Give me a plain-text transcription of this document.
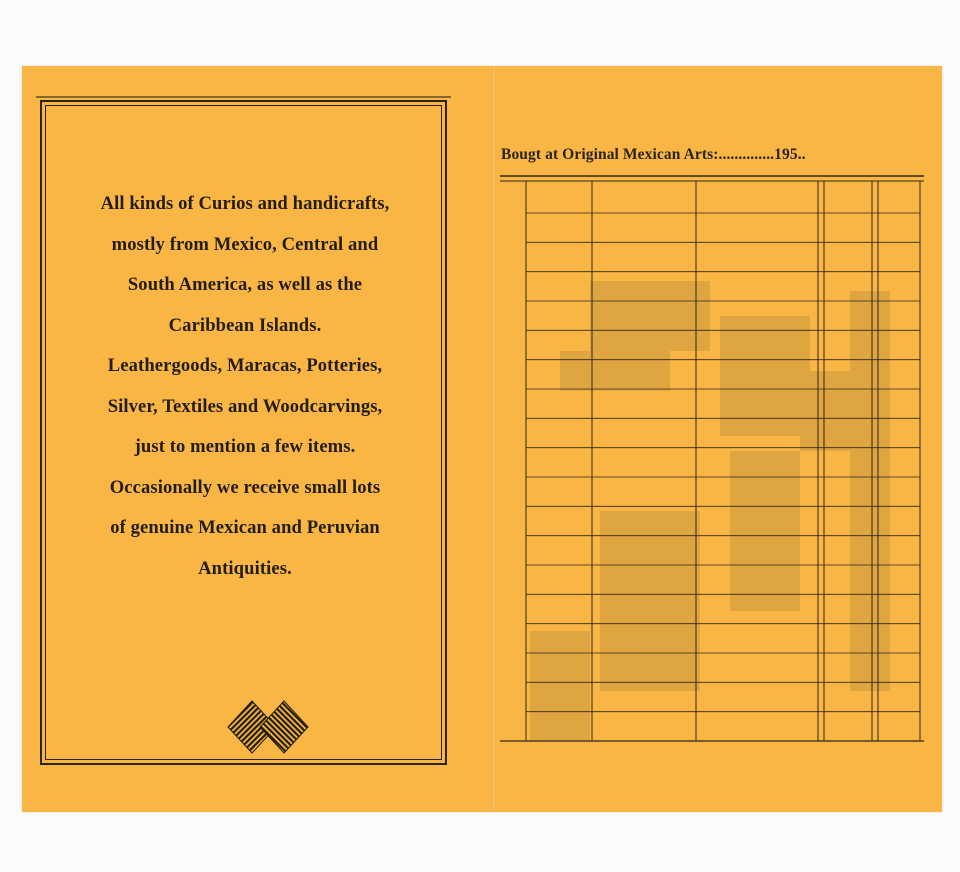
All kinds of Curios and handicrafts,
mostly from Mexico, Central and
South America, as well as the
Caribbean Islands.
Leathergoods, Maracas, Potteries,
Silver, Textiles and Woodcarvings,
just to mention a few items.
Occasionally we receive small lots
of genuine Mexican and Peruvian
Antiquities.
Bougt at Original Mexican Arts:..............195..
